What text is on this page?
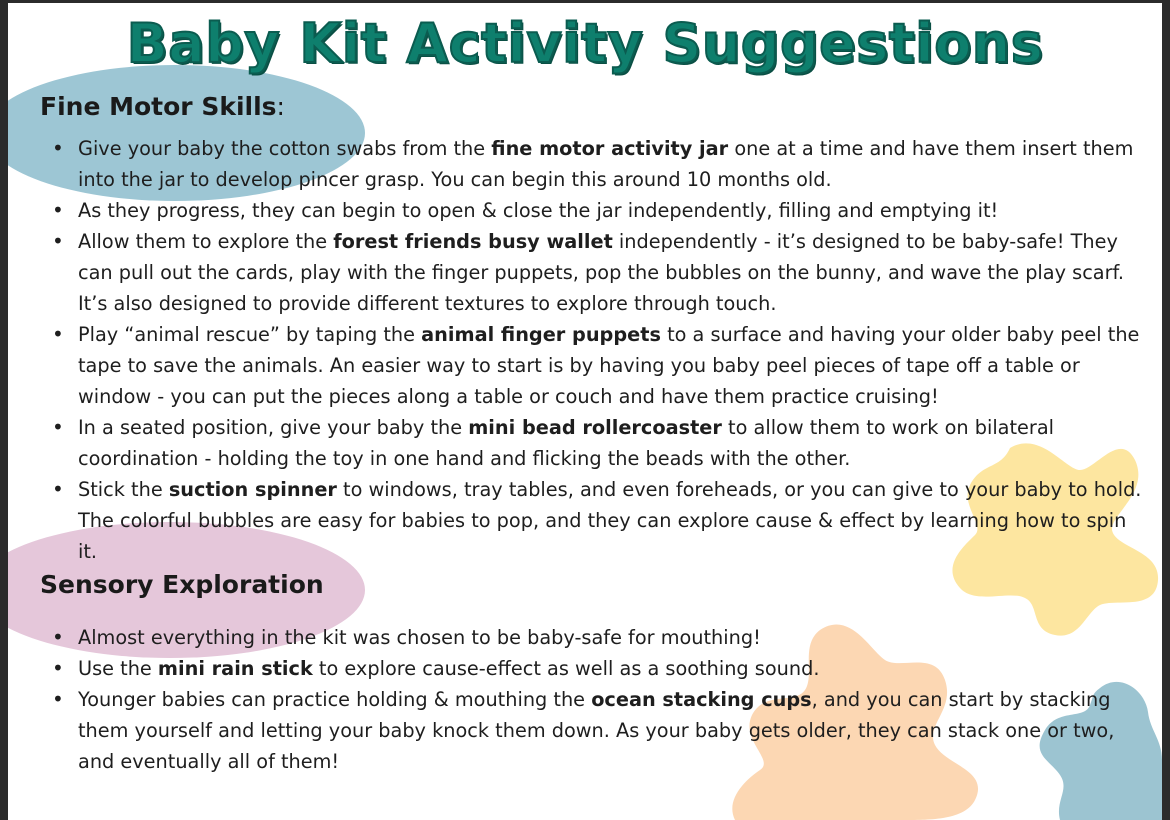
Baby Kit Activity Suggestions
Fine Motor Skills:
• Give your baby the cotton swabs from the fine motor activity jar one at a time and have them insert them into the jar to develop pincer grasp. You can begin this around 10 months old.
• As they progress, they can begin to open & close the jar independently, filling and emptying it!
• Allow them to explore the forest friends busy wallet independently - it’s designed to be baby-safe! They can pull out the cards, play with the finger puppets, pop the bubbles on the bunny, and wave the play scarf. It’s also designed to provide different textures to explore through touch.
• Play “animal rescue” by taping the animal finger puppets to a surface and having your older baby peel the tape to save the animals. An easier way to start is by having you baby peel pieces of tape off a table or window - you can put the pieces along a table or couch and have them practice cruising!
• In a seated position, give your baby the mini bead rollercoaster to allow them to work on bilateral coordination - holding the toy in one hand and flicking the beads with the other.
• Stick the suction spinner to windows, tray tables, and even foreheads, or you can give to your baby to hold. The colorful bubbles are easy for babies to pop, and they can explore cause & effect by learning how to spin it.
Sensory Exploration
• Almost everything in the kit was chosen to be baby-safe for mouthing!
• Use the mini rain stick to explore cause-effect as well as a soothing sound.
• Younger babies can practice holding & mouthing the ocean stacking cups, and you can start by stacking them yourself and letting your baby knock them down. As your baby gets older, they can stack one or two, and eventually all of them!
